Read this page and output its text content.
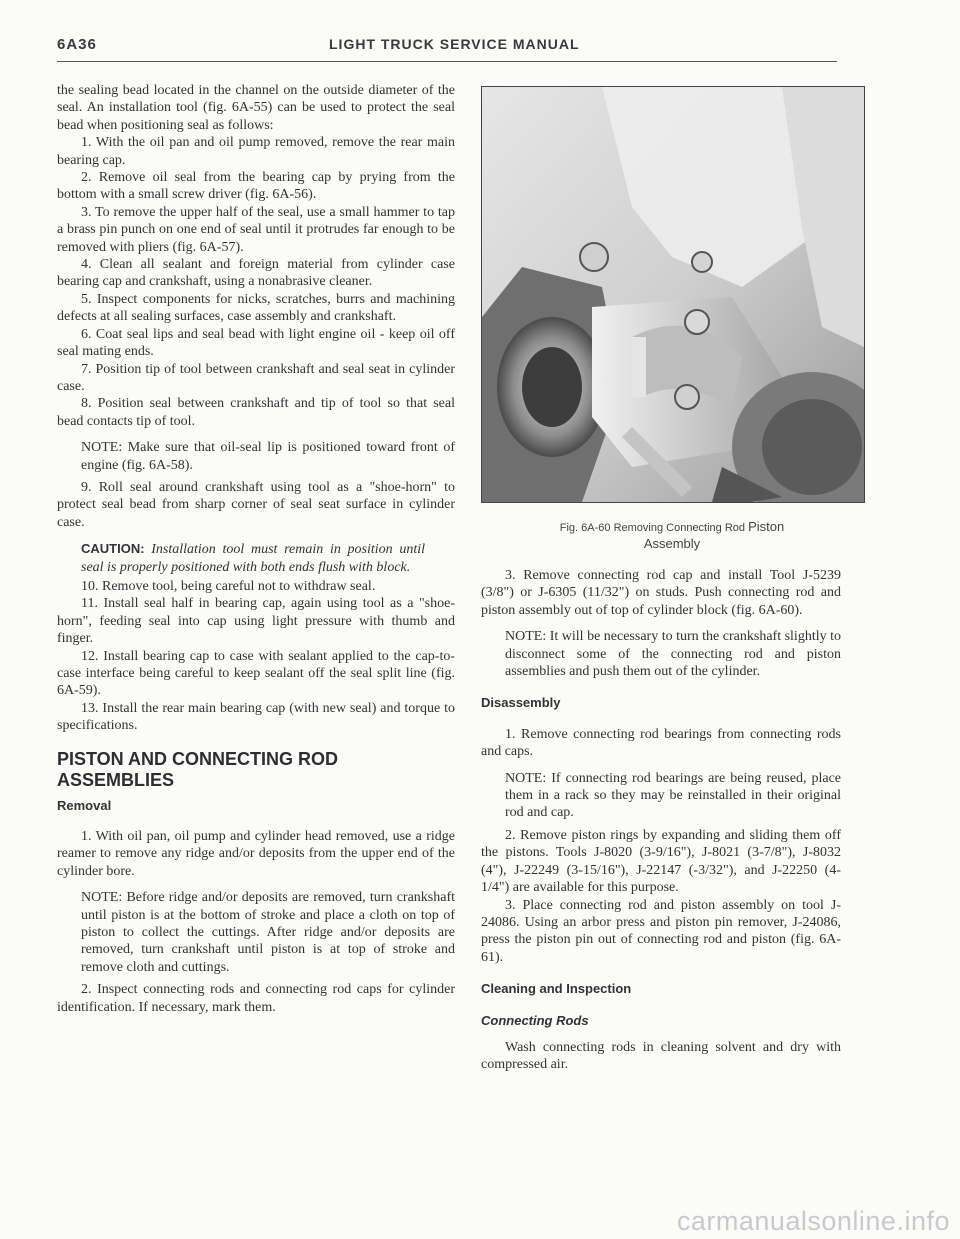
6A36	LIGHT TRUCK SERVICE MANUAL

the sealing bead located in the channel on the outside diameter of the seal. An installation tool (fig. 6A-55) can be used to protect the seal bead when positioning seal as follows:

1. With the oil pan and oil pump removed, remove the rear main bearing cap.

2. Remove oil seal from the bearing cap by prying from the bottom with a small screw driver (fig. 6A-56).

3. To remove the upper half of the seal, use a small hammer to tap a brass pin punch on one end of seal until it protrudes far enough to be removed with pliers (fig. 6A-57).

4. Clean all sealant and foreign material from cylinder case bearing cap and crankshaft, using a nonabrasive cleaner.

5. Inspect components for nicks, scratches, burrs and machining defects at all sealing surfaces, case assembly and crankshaft.

6. Coat seal lips and seal bead with light engine oil - keep oil off seal mating ends.

7. Position tip of tool between crankshaft and seal seat in cylinder case.

8. Position seal between crankshaft and tip of tool so that seal bead contacts tip of tool.

NOTE: Make sure that oil-seal lip is positioned toward front of engine (fig. 6A-58).

9. Roll seal around crankshaft using tool as a "shoe-horn" to protect seal bead from sharp corner of seal seat surface in cylinder case.

CAUTION: Installation tool must remain in position until seal is properly positioned with both ends flush with block.

10. Remove tool, being careful not to withdraw seal.

11. Install seal half in bearing cap, again using tool as a "shoe-horn", feeding seal into cap using light pressure with thumb and finger.

12. Install bearing cap to case with sealant applied to the cap-to-case interface being careful to keep sealant off the seal split line (fig. 6A-59).

13. Install the rear main bearing cap (with new seal) and torque to specifications.

PISTON AND CONNECTING ROD ASSEMBLIES
Removal

1. With oil pan, oil pump and cylinder head removed, use a ridge reamer to remove any ridge and/or deposits from the upper end of the cylinder bore.

NOTE: Before ridge and/or deposits are removed, turn crankshaft until piston is at the bottom of stroke and place a cloth on top of piston to collect the cuttings. After ridge and/or deposits are removed, turn crankshaft until piston is at top of stroke and remove cloth and cuttings.

2. Inspect connecting rods and connecting rod caps for cylinder identification. If necessary, mark them.

Fig. 6A-60 Removing Connecting Rod Piston
Assembly

3. Remove connecting rod cap and install Tool J-5239 (3/8") or J-6305 (11/32") on studs. Push connecting rod and piston assembly out of top of cylinder block (fig. 6A-60).

NOTE: It will be necessary to turn the crankshaft slightly to disconnect some of the connecting rod and piston assemblies and push them out of the cylinder.

Disassembly

1. Remove connecting rod bearings from connecting rods and caps.

NOTE: If connecting rod bearings are being reused, place them in a rack so they may be reinstalled in their original rod and cap.

2. Remove piston rings by expanding and sliding them off the pistons. Tools J-8020 (3-9/16"), J-8021 (3-7/8"), J-8032 (4"), J-22249 (3-15/16"), J-22147 (-3/32"), and J-22250 (4-1/4") are available for this purpose.

3. Place connecting rod and piston assembly on tool J-24086. Using an arbor press and piston pin remover, J-24086, press the piston pin out of connecting rod and piston (fig. 6A-61).

Cleaning and Inspection
Connecting Rods

Wash connecting rods in cleaning solvent and dry with compressed air.

carmanualsonline.info
